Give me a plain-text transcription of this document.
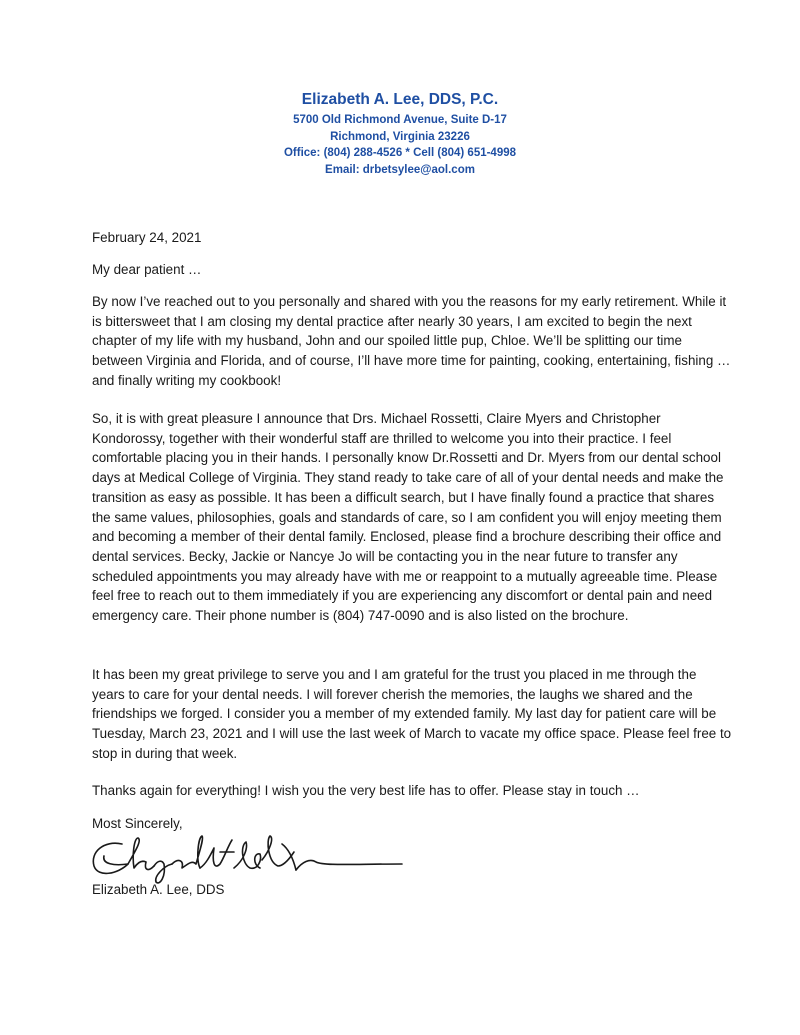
Elizabeth A. Lee, DDS, P.C.
5700 Old Richmond Avenue, Suite D-17
Richmond, Virginia 23226
Office: (804) 288-4526 * Cell (804) 651-4998
Email: drbetsylee@aol.com

February 24, 2021

My dear patient …

By now I’ve reached out to you personally and shared with you the reasons for my early retirement. While it is bittersweet that I am closing my dental practice after nearly 30 years, I am excited to begin the next chapter of my life with my husband, John and our spoiled little pup, Chloe. We’ll be splitting our time between Virginia and Florida, and of course, I’ll have more time for painting, cooking, entertaining, fishing … and finally writing my cookbook!

So, it is with great pleasure I announce that Drs. Michael Rossetti, Claire Myers and Christopher Kondorossy, together with their wonderful staff are thrilled to welcome you into their practice. I feel comfortable placing you in their hands. I personally know Dr.Rossetti and Dr. Myers from our dental school days at Medical College of Virginia. They stand ready to take care of all of your dental needs and make the transition as easy as possible. It has been a difficult search, but I have finally found a practice that shares the same values, philosophies, goals and standards of care, so I am confident you will enjoy meeting them and becoming a member of their dental family. Enclosed, please find a brochure describing their office and dental services. Becky, Jackie or Nancye Jo will be contacting you in the near future to transfer any scheduled appointments you may already have with me or reappoint to a mutually agreeable time. Please feel free to reach out to them immediately if you are experiencing any discomfort or dental pain and need emergency care. Their phone number is (804) 747-0090 and is also listed on the brochure.

It has been my great privilege to serve you and I am grateful for the trust you placed in me through the years to care for your dental needs. I will forever cherish the memories, the laughs we shared and the friendships we forged. I consider you a member of my extended family. My last day for patient care will be Tuesday, March 23, 2021 and I will use the last week of March to vacate my office space. Please feel free to stop in during that week.

Thanks again for everything! I wish you the very best life has to offer. Please stay in touch …

Most Sincerely,

Elizabeth A. Lee, DDS
